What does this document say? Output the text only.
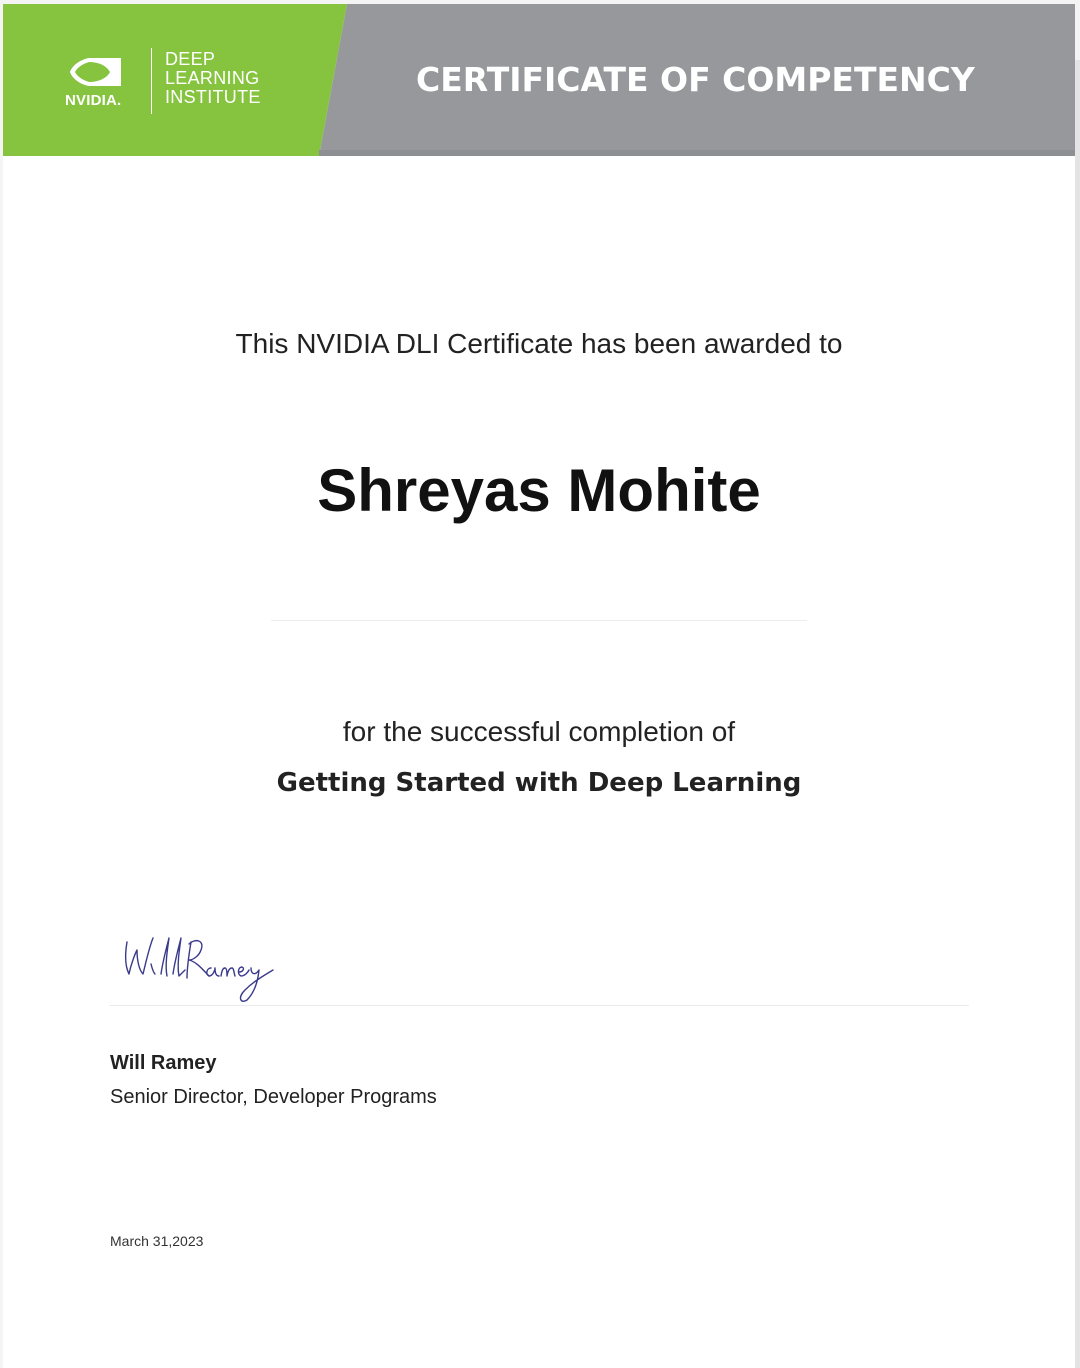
NVIDIA.
DEEP
LEARNING
INSTITUTE	CERTIFICATE OF COMPETENCY
This NVIDIA DLI Certificate has been awarded to
Shreyas Mohite
for the successful completion of
Getting Started with Deep Learning
Will Ramey
Senior Director, Developer Programs
March 31,2023
